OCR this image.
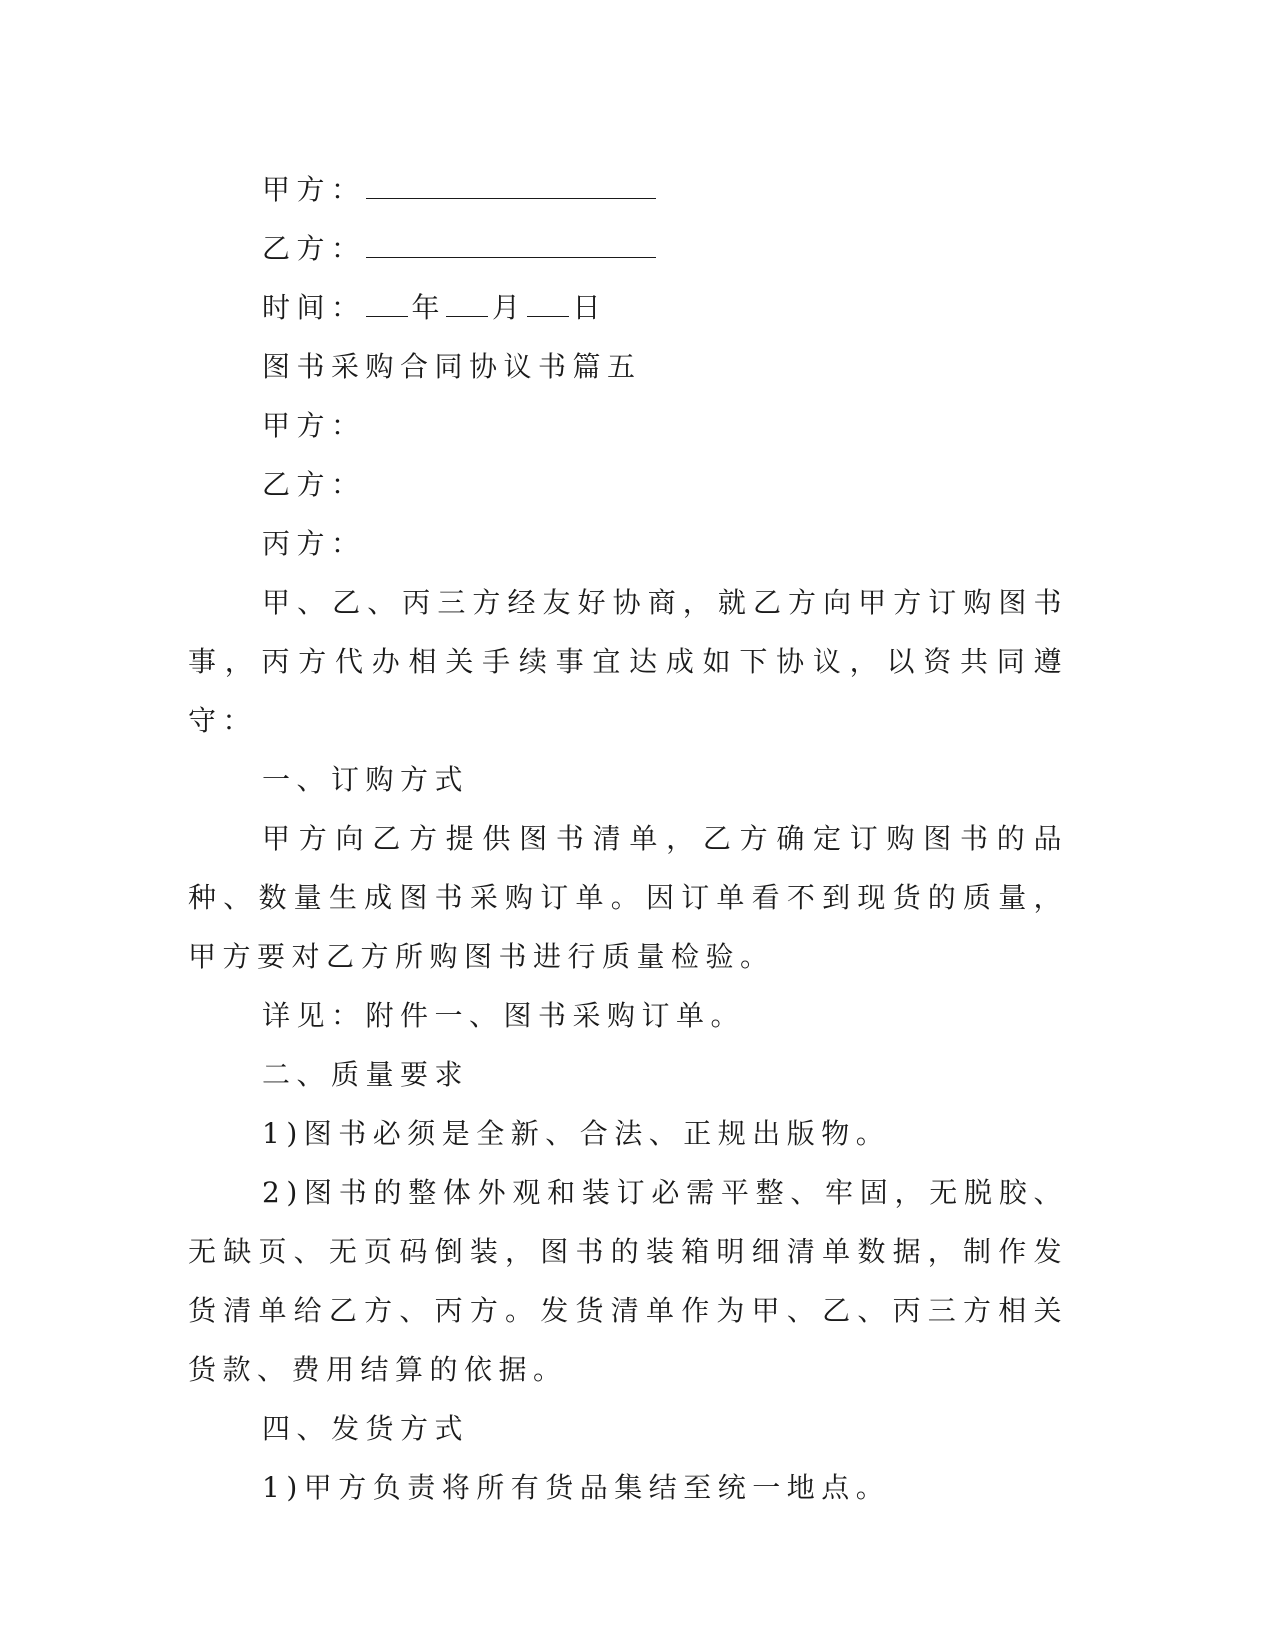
甲方：

乙方：

时间： 年 月 日

图书采购合同协议书篇五

甲方：

乙方：

丙方：

甲、乙、丙三方经友好协商，就乙方向甲方订购图书事，丙方代办相关手续事宜达成如下协议，以资共同遵守：

一、订购方式

甲方向乙方提供图书清单，乙方确定订购图书的品种、数量生成图书采购订单。因订单看不到现货的质量，甲方要对乙方所购图书进行质量检验。

详见：附件一、图书采购订单。

二、质量要求

1)图书必须是全新、合法、正规出版物。

2)图书的整体外观和装订必需平整、牢固，无脱胶、无缺页、无页码倒装，图书的装箱明细清单数据，制作发货清单给乙方、丙方。发货清单作为甲、乙、丙三方相关货款、费用结算的依据。

四、发货方式

1)甲方负责将所有货品集结至统一地点。
